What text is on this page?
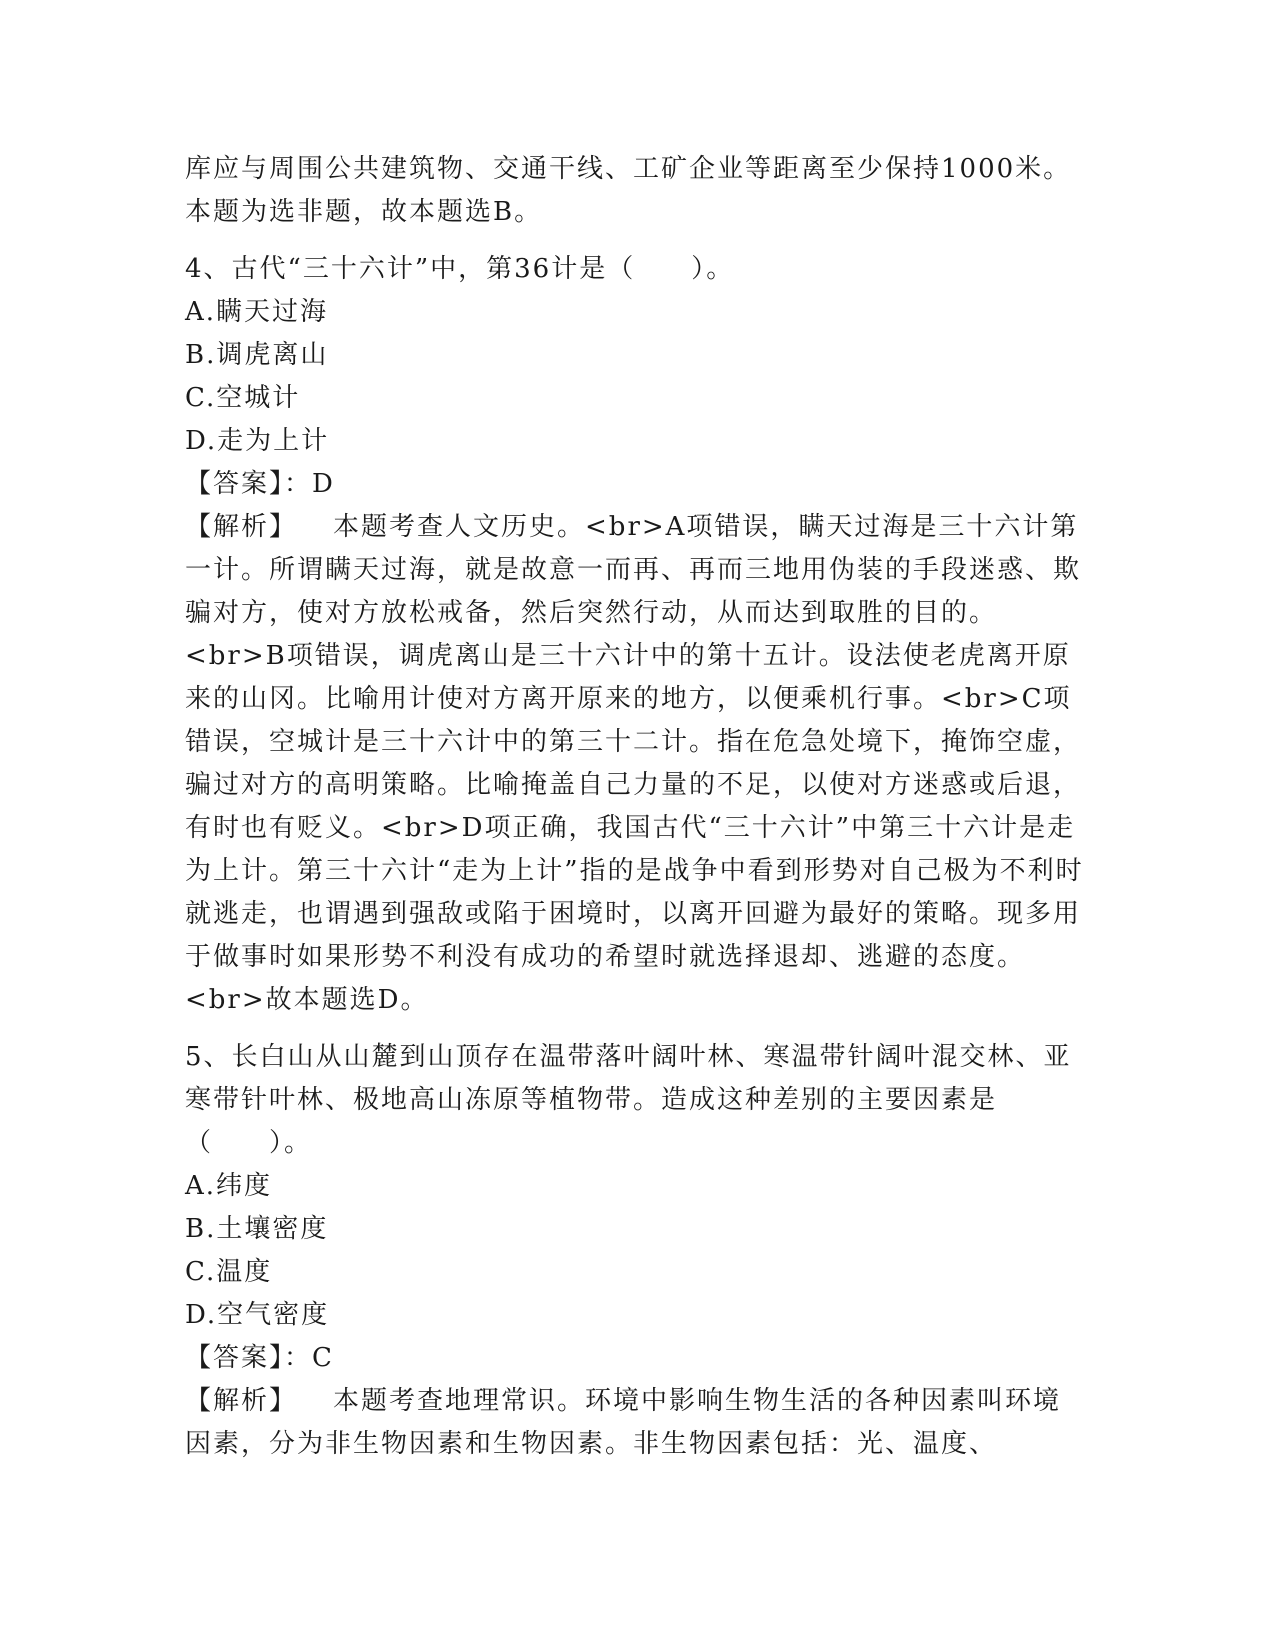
库应与周围公共建筑物、交通干线、工矿企业等距离至少保持1000米。本题为选非题，故本题选B。

4、古代“三十六计”中，第36计是（　　）。

A.瞒天过海

B.调虎离山

C.空城计

D.走为上计

【答案】：D

【解析】 本题考查人文历史。<br>A项错误，瞒天过海是三十六计第一计。所谓瞒天过海，就是故意一而再、再而三地用伪装的手段迷惑、欺骗对方，使对方放松戒备，然后突然行动，从而达到取胜的目的。<br>B项错误，调虎离山是三十六计中的第十五计。设法使老虎离开原来的山冈。比喻用计使对方离开原来的地方，以便乘机行事。<br>C项错误，空城计是三十六计中的第三十二计。指在危急处境下，掩饰空虚，骗过对方的高明策略。比喻掩盖自己力量的不足，以使对方迷惑或后退，有时也有贬义。<br>D项正确，我国古代“三十六计”中第三十六计是走为上计。第三十六计“走为上计”指的是战争中看到形势对自己极为不利时就逃走，也谓遇到强敌或陷于困境时，以离开回避为最好的策略。现多用于做事时如果形势不利没有成功的希望时就选择退却、逃避的态度。<br>故本题选D。

5、长白山从山麓到山顶存在温带落叶阔叶林、寒温带针阔叶混交林、亚寒带针叶林、极地高山冻原等植物带。造成这种差别的主要因素是（　　）。

A.纬度

B.土壤密度

C.温度

D.空气密度

【答案】：C

【解析】 本题考查地理常识。环境中影响生物生活的各种因素叫环境因素，分为非生物因素和生物因素。非生物因素包括：光、温度、
